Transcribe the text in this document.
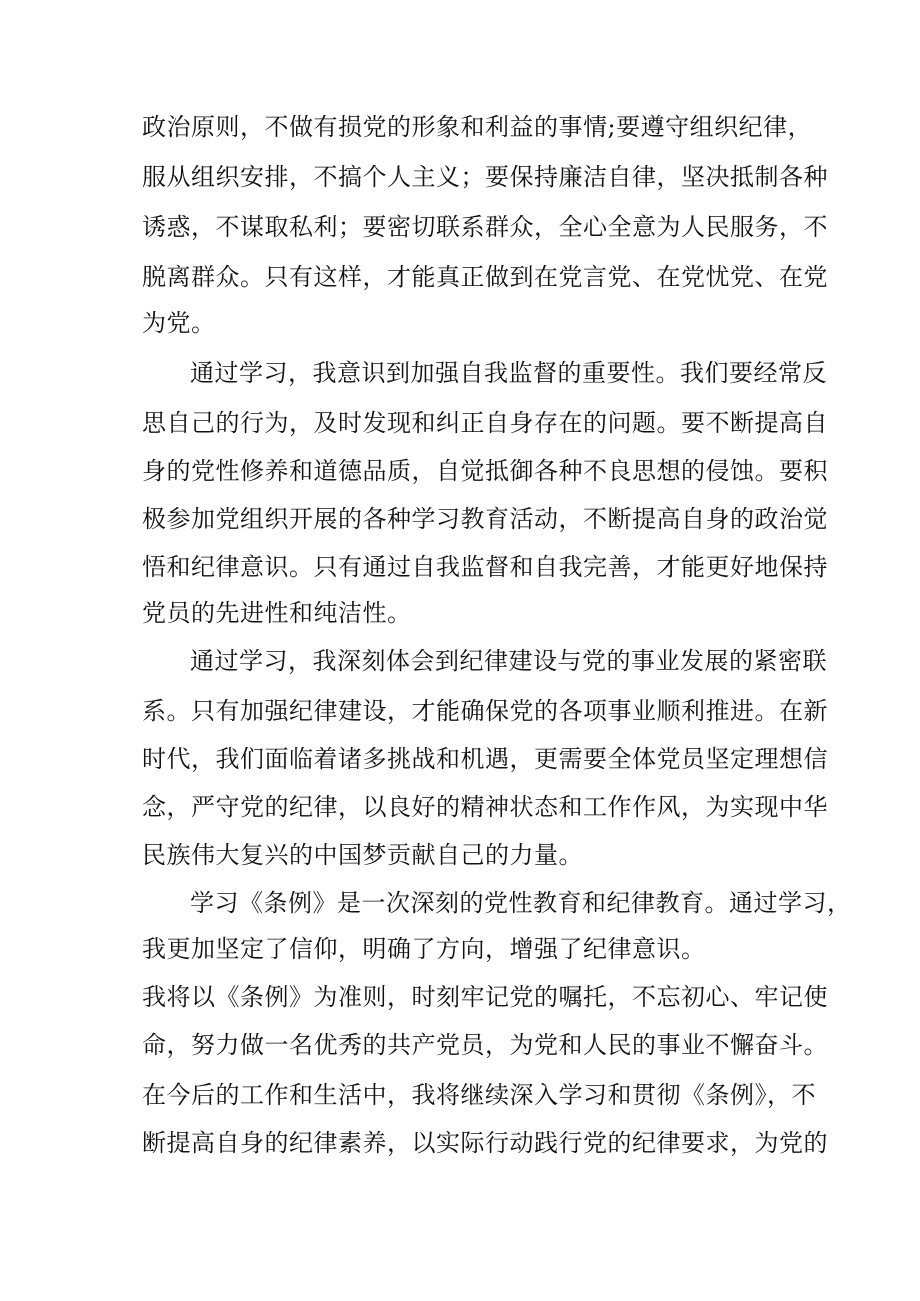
政治原则，不做有损党的形象和利益的事情;要遵守组织纪律，

服从组织安排，不搞个人主义；要保持廉洁自律，坚决抵制各种

诱惑，不谋取私利；要密切联系群众，全心全意为人民服务，不

脱离群众。只有这样，才能真正做到在党言党、在党忧党、在党

为党。

通过学习，我意识到加强自我监督的重要性。我们要经常反

思自己的行为，及时发现和纠正自身存在的问题。要不断提高自

身的党性修养和道德品质，自觉抵御各种不良思想的侵蚀。要积

极参加党组织开展的各种学习教育活动，不断提高自身的政治觉

悟和纪律意识。只有通过自我监督和自我完善，才能更好地保持

党员的先进性和纯洁性。

通过学习，我深刻体会到纪律建设与党的事业发展的紧密联

系。只有加强纪律建设，才能确保党的各项事业顺利推进。在新

时代，我们面临着诸多挑战和机遇，更需要全体党员坚定理想信

念，严守党的纪律，以良好的精神状态和工作作风，为实现中华

民族伟大复兴的中国梦贡献自己的力量。

学习《条例》是一次深刻的党性教育和纪律教育。通过学习，

我更加坚定了信仰，明确了方向，增强了纪律意识。

我将以《条例》为准则，时刻牢记党的嘱托，不忘初心、牢记使

命，努力做一名优秀的共产党员，为党和人民的事业不懈奋斗。

在今后的工作和生活中，我将继续深入学习和贯彻《条例》，不

断提高自身的纪律素养，以实际行动践行党的纪律要求，为党的
